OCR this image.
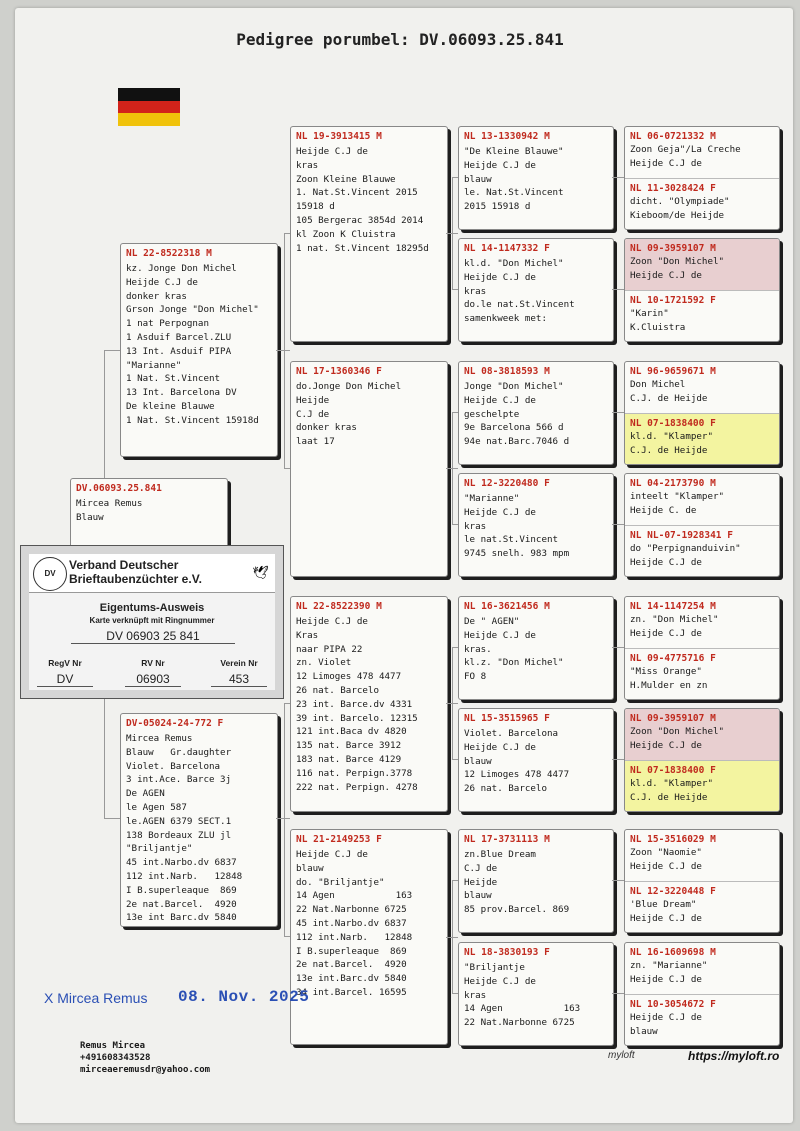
Pedigree porumbel: DV.06093.25.841
DV.06093.25.841
Mircea Remus
Blauw
NL 22-8522318 M
kz. Jonge Don Michel
Heijde C.J de
donker kras
Grson Jonge "Don Michel"
1 nat Perpognan
1 Asduif Barcel.ZLU
13 Int. Asduif PIPA
"Marianne"
1 Nat. St.Vincent
13 Int. Barcelona DV
De kleine Blauwe
1 Nat. St.Vincent 15918d
DV-05024-24-772 F
Mircea Remus
Blauw   Gr.daughter
Violet. Barcelona
3 int.Ace. Barce 3j
De AGEN
le Agen 587
le.AGEN 6379 SECT.1
138 Bordeaux ZLU jl
"Briljantje"
45 int.Narbo.dv 6837
112 int.Narb.   12848
I B.superleaque  869
2e nat.Barcel.  4920
13e int Barc.dv 5840
NL 19-3913415 M
Heijde C.J de
kras
Zoon Kleine Blauwe
1. Nat.St.Vincent 2015
15918 d
105 Bergerac 3854d 2014
kl Zoon K Cluistra
1 nat. St.Vincent 18295d
NL 17-1360346 F
do.Jonge Don Michel
Heijde
C.J de
donker kras
laat 17
NL 22-8522390 M
Heijde C.J de
Kras
naar PIPA 22
zn. Violet
12 Limoges 478 4477
26 nat. Barcelo
23 int. Barce.dv 4331
39 int. Barcelo. 12315
121 int.Baca dv 4820
135 nat. Barce 3912
183 nat. Barce 4129
116 nat. Perpign.3778
222 nat. Perpign. 4278
NL 21-2149253 F
Heijde C.J de
blauw
do. "Briljantje"
14 Agen           163
22 Nat.Narbonne 6725
45 int.Narbo.dv 6837
112 int.Narb.   12848
I B.superleaque  869
2e nat.Barcel.  4920
13e int.Barc.dv 5840
34 int.Barcel. 16595
NL 13-1330942 M
"De Kleine Blauwe"
Heijde C.J de
blauw
le. Nat.St.Vincent
2015 15918 d
NL 14-1147332 F
kl.d. "Don Michel"
Heijde C.J de
kras
do.le nat.St.Vincent
samenkweek met:
NL 08-3818593 M
Jonge "Don Michel"
Heijde C.J de
geschelpte
9e Barcelona 566 d
94e nat.Barc.7046 d
NL 12-3220480 F
"Marianne"
Heijde C.J de
kras
le nat.St.Vincent
9745 snelh. 983 mpm
NL 16-3621456 M
De " AGEN"
Heijde C.J de
kras.
kl.z. "Don Michel"
FO 8
NL 15-3515965 F
Violet. Barcelona
Heijde C.J de
blauw
12 Limoges 478 4477
26 nat. Barcelo
NL 17-3731113 M
zn.Blue Dream
C.J de
Heijde
blauw
85 prov.Barcel. 869
NL 18-3830193 F
"Briljantje
Heijde C.J de
kras
14 Agen           163
22 Nat.Narbonne 6725
NL 06-0721332 M
Zoon Geja"/La Creche
Heijde C.J de
NL 11-3028424 F
dicht. "Olympiade"
Kieboom/de Heijde
NL 09-3959107 M
Zoon "Don Michel"
Heijde C.J de
NL 10-1721592 F
"Karin"
K.Cluistra
NL 96-9659671 M
Don Michel
C.J. de Heijde
NL 07-1838400 F
kl.d. "Klamper"
C.J. de Heijde
NL 04-2173790 M
inteelt "Klamper"
Heijde C. de
NL NL-07-1928341 F
do "Perpignanduivin"
Heijde C.J de
NL 14-1147254 M
zn. "Don Michel"
Heijde C.J de
NL 09-4775716 F
"Miss Orange"
H.Mulder en zn
NL 09-3959107 M
Zoon "Don Michel"
Heijde C.J de
NL 07-1838400 F
kl.d. "Klamper"
C.J. de Heijde
NL 15-3516029 M
Zoon "Naomie"
Heijde C.J de
NL 12-3220448 F
'Blue Dream"
Heijde C.J de
NL 16-1609698 M
zn. "Marianne"
Heijde C.J de
NL 10-3054672 F
Heijde C.J de
blauw
DV
Verband Deutscher
Brieftaubenzüchter e.V.	🕊
Eigentums-Ausweis
Karte verknüpft mit Ringnummer
DV 06903 25 841
RegV Nr	RV Nr	Verein Nr
DV	06903	453
X Mircea Remus 08. Nov. 2025
Remus Mircea
+491608343528
mirceaeremusdr@yahoo.com
myloft	https://myloft.ro
